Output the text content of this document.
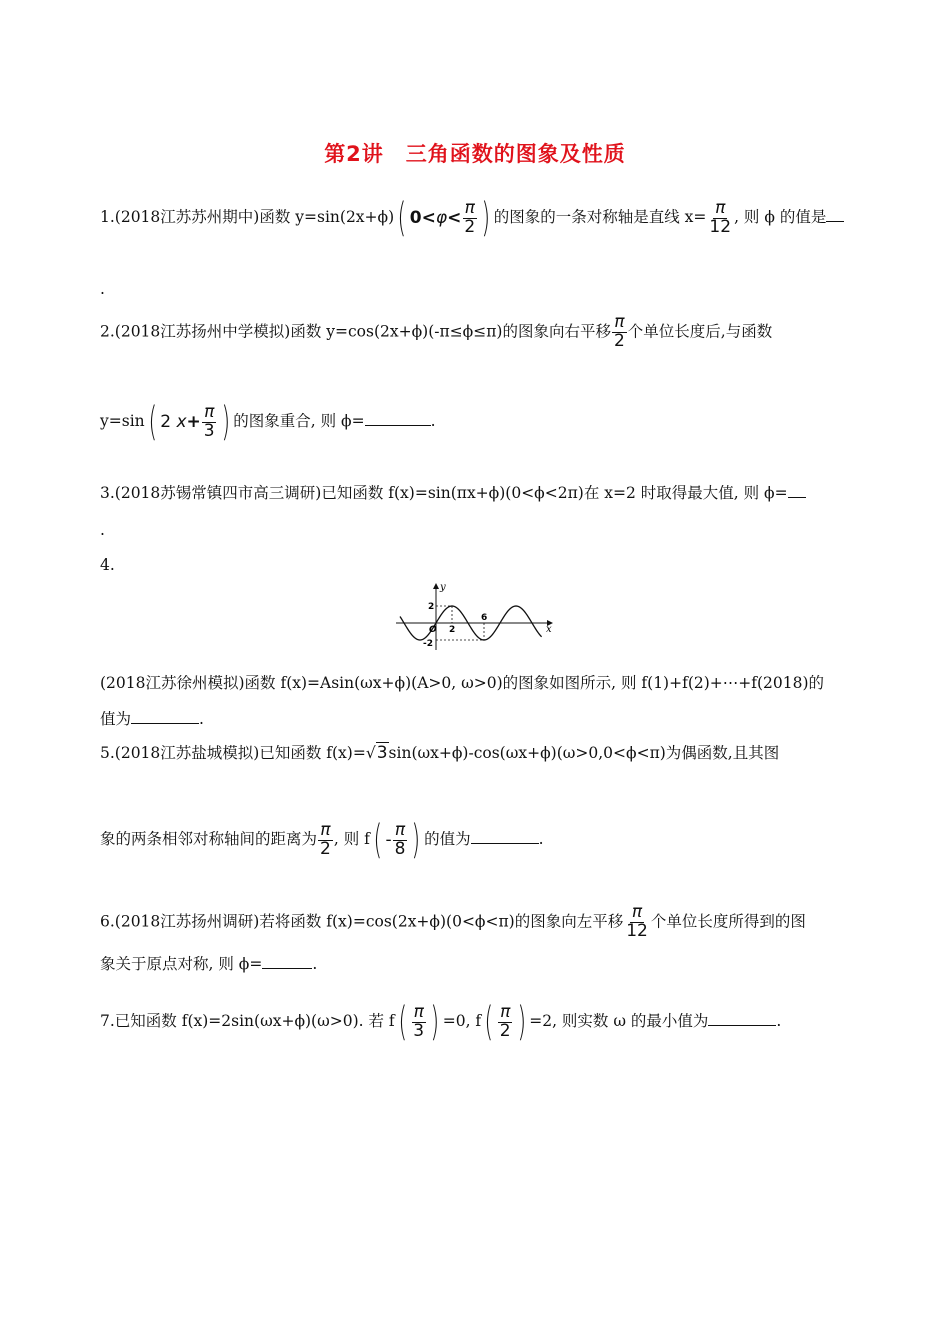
第2讲　三角函数的图象及性质
1.(2018江苏苏州期中)函数 y=sin(2x+ϕ) ( $0< \varphi < \frac{\pi}{2}$ ) 的图象的一条对称轴是直线 $x= \frac{\pi}{12}$ , 则 ϕ 的值是
.
2.(2018江苏扬州中学模拟)函数 y=cos(2x+ϕ)(-π≤ϕ≤π)的图象向右平移 $\frac{\pi}{2}$ 个单位长度后,与函数
y=sin ( 2
$x + \frac{\pi}{3}$ ) 的图象重合, 则 ϕ=	.
3.(2018苏锡常镇四市高三调研)已知函数 f(x)=sin(πx+ϕ)(0<ϕ<2π)在 x=2 时取得最大值, 则 ϕ=
.
4.
y
x
O 2
6
2
-2
(2018江苏徐州模拟)函数 f(x)=Asin(ωx+ϕ)(A>0, ω>0)的图象如图所示, 则 f(1)+f(2)+⋯+f(2018)的
值为	.
5.(2018江苏盐城模拟)已知函数 f(x)=√3sin(ωx+ϕ)-cos(ωx+ϕ)(ω>0,0<ϕ<π)为偶函数,且其图
象的两条相邻对称轴间的距离为 $\frac{\pi}{2}$ , 则 f ( - $\frac{\pi}{8}$ ) 的值为	.
6.(2018江苏扬州调研)若将函数 f(x)=cos(2x+ϕ)(0<ϕ<π)的图象向左平移 $\frac{\pi}{12}$ 个单位长度所得到的图
象关于原点对称, 则 ϕ=	.
7.已知函数 f(x)=2sin(ωx+ϕ)(ω>0). 若 f ( $\frac{\pi}{3}$ ) =0, f ( $\frac{\pi}{2}$ ) =2, 则实数 ω 的最小值为	.
